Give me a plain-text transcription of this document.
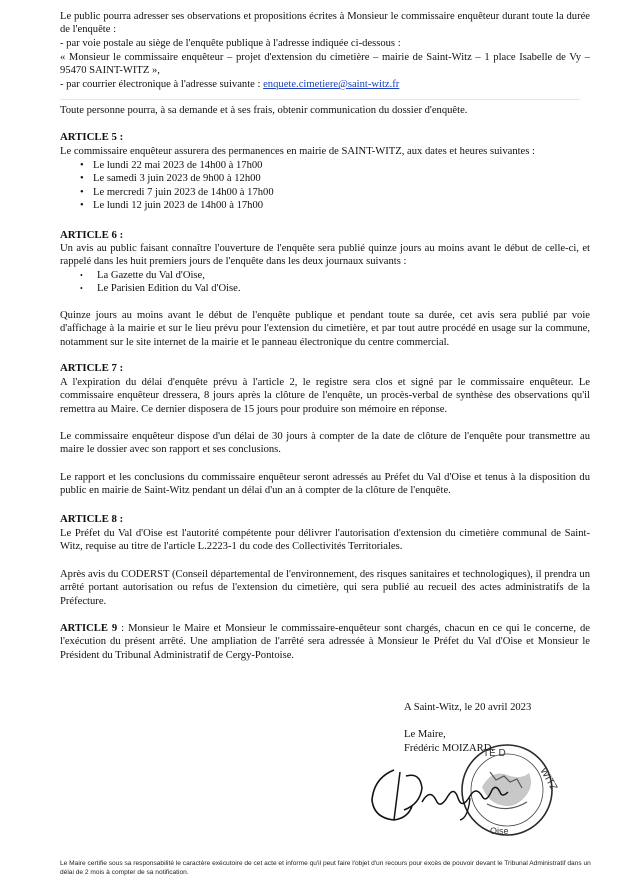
Le public pourra adresser ses observations et propositions écrites à Monsieur le commissaire enquêteur durant toute la durée de l'enquête :

- par voie postale au siège de l'enquête publique à l'adresse indiquée ci-dessous :

« Monsieur le commissaire enquêteur – projet d'extension du cimetière – mairie de Saint-Witz – 1 place Isabelle de Vy – 95470 SAINT-WITZ »,

- par courrier électronique à l'adresse suivante : enquete.cimetiere@saint-witz.fr

Toute personne pourra, à sa demande et à ses frais, obtenir communication du dossier d'enquête.

ARTICLE 5 :

Le commissaire enquêteur assurera des permanences en mairie de SAINT-WITZ, aux dates et heures suivantes :

• Le lundi 22 mai 2023 de 14h00 à 17h00
• Le samedi 3 juin 2023 de 9h00 à 12h00
• Le mercredi 7 juin 2023 de 14h00 à 17h00
• Le lundi 12 juin 2023 de 14h00 à 17h00

ARTICLE 6 :

Un avis au public faisant connaître l'ouverture de l'enquête sera publié quinze jours au moins avant le début de celle-ci, et rappelé dans les huit premiers jours de l'enquête dans les deux journaux suivants :

• La Gazette du Val d'Oise,
• Le Parisien Edition du Val d'Oise.

Quinze jours au moins avant le début de l'enquête publique et pendant toute sa durée, cet avis sera publié par voie d'affichage à la mairie et sur le lieu prévu pour l'extension du cimetière, et par tout autre procédé en usage sur la commune, notamment sur le site internet de la mairie et le panneau électronique du centre commercial.

ARTICLE 7 :

A l'expiration du délai d'enquête prévu à l'article 2, le registre sera clos et signé par le commissaire enquêteur. Le commissaire enquêteur dressera, 8 jours après la clôture de l'enquête, un procès-verbal de synthèse des observations qu'il remettra au Maire. Ce dernier disposera de 15 jours pour produire son mémoire en réponse.

Le commissaire enquêteur dispose d'un délai de 30 jours à compter de la date de clôture de l'enquête pour transmettre au maire le dossier avec son rapport et ses conclusions.

Le rapport et les conclusions du commissaire enquêteur seront adressés au Préfet du Val d'Oise et tenus à la disposition du public en mairie de Saint-Witz pendant un délai d'un an à compter de la clôture de l'enquête.

ARTICLE 8 :

Le Préfet du Val d'Oise est l'autorité compétente pour délivrer l'autorisation d'extension du cimetière communal de Saint-Witz, requise au titre de l'article L.2223-1 du code des Collectivités Territoriales.

Après avis du CODERST (Conseil départemental de l'environnement, des risques sanitaires et technologiques), il prendra un arrêté portant autorisation ou refus de l'extension du cimetière, qui sera publié au recueil des actes administratifs de la Préfecture.

ARTICLE 9 : Monsieur le Maire et Monsieur le commissaire-enquêteur sont chargés, chacun en ce qui le concerne, de l'exécution du présent arrêté. Une ampliation de l'arrêté sera adressée à Monsieur le Préfet du Val d'Oise et Monsieur le Président du Tribunal Administratif de Cergy-Pontoise.

A Saint-Witz, le 20 avril 2023

Le Maire,

Frédéric MOIZARD.

TE D
WITZ
Oise

Le Maire certifie sous sa responsabilité le caractère exécutoire de cet acte et informe qu'il peut faire l'objet d'un recours pour excès de pouvoir devant le Tribunal Administratif dans un délai de 2 mois à compter de sa notification.
